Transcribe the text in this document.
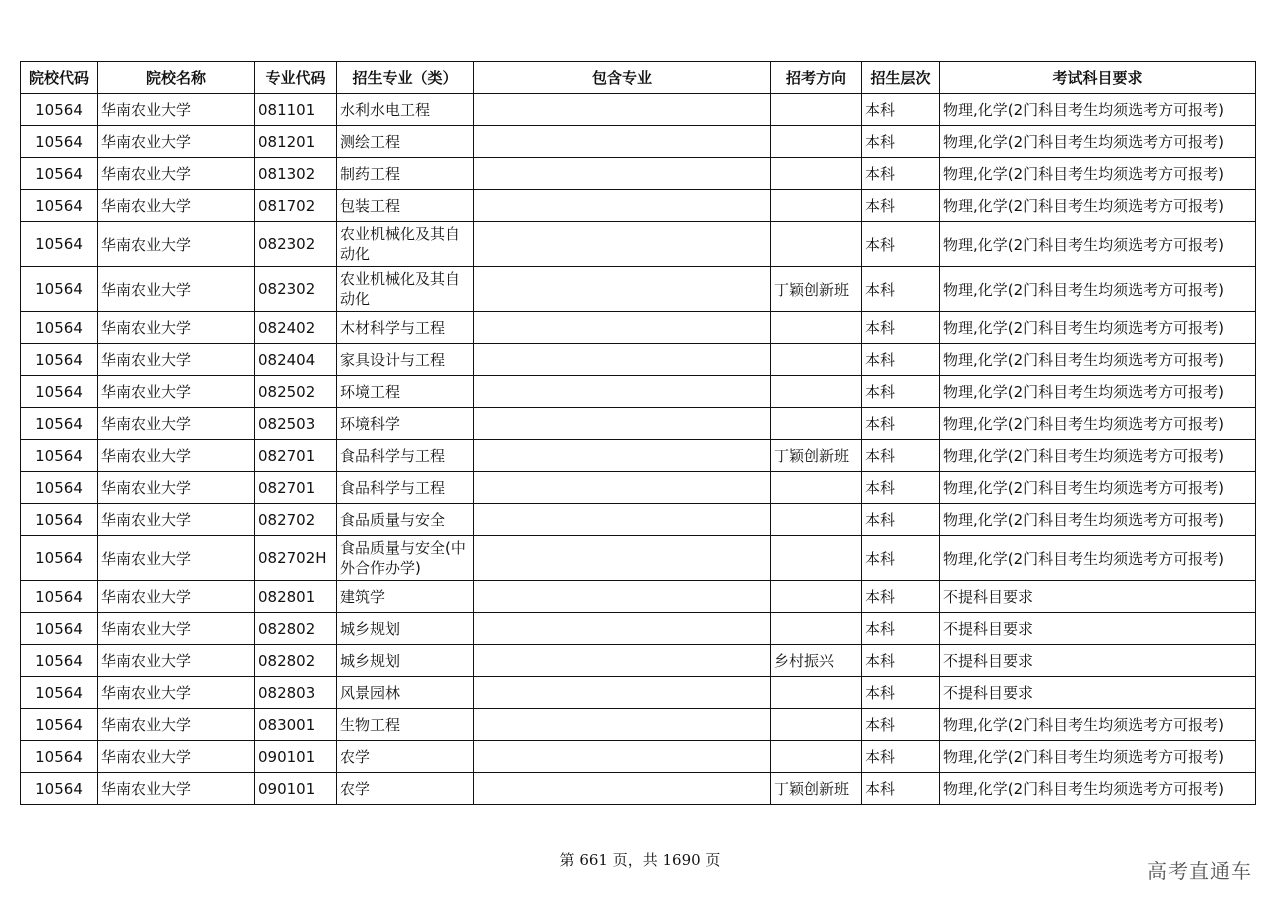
院校代码	院校名称	专业代码	招生专业（类）	包含专业	招考方向	招生层次	考试科目要求
10564	华南农业大学	081101	水利水电工程			本科	物理,化学(2门科目考生均须选考方可报考)
10564	华南农业大学	081201	测绘工程			本科	物理,化学(2门科目考生均须选考方可报考)
10564	华南农业大学	081302	制药工程			本科	物理,化学(2门科目考生均须选考方可报考)
10564	华南农业大学	081702	包装工程			本科	物理,化学(2门科目考生均须选考方可报考)
10564	华南农业大学	082302	农业机械化及其自动化			本科	物理,化学(2门科目考生均须选考方可报考)
10564	华南农业大学	082302	农业机械化及其自动化		丁颖创新班	本科	物理,化学(2门科目考生均须选考方可报考)
10564	华南农业大学	082402	木材科学与工程			本科	物理,化学(2门科目考生均须选考方可报考)
10564	华南农业大学	082404	家具设计与工程			本科	物理,化学(2门科目考生均须选考方可报考)
10564	华南农业大学	082502	环境工程			本科	物理,化学(2门科目考生均须选考方可报考)
10564	华南农业大学	082503	环境科学			本科	物理,化学(2门科目考生均须选考方可报考)
10564	华南农业大学	082701	食品科学与工程		丁颖创新班	本科	物理,化学(2门科目考生均须选考方可报考)
10564	华南农业大学	082701	食品科学与工程			本科	物理,化学(2门科目考生均须选考方可报考)
10564	华南农业大学	082702	食品质量与安全			本科	物理,化学(2门科目考生均须选考方可报考)
10564	华南农业大学	082702H	食品质量与安全(中外合作办学)			本科	物理,化学(2门科目考生均须选考方可报考)
10564	华南农业大学	082801	建筑学			本科	不提科目要求
10564	华南农业大学	082802	城乡规划			本科	不提科目要求
10564	华南农业大学	082802	城乡规划		乡村振兴	本科	不提科目要求
10564	华南农业大学	082803	风景园林			本科	不提科目要求
10564	华南农业大学	083001	生物工程			本科	物理,化学(2门科目考生均须选考方可报考)
10564	华南农业大学	090101	农学			本科	物理,化学(2门科目考生均须选考方可报考)
10564	华南农业大学	090101	农学		丁颖创新班	本科	物理,化学(2门科目考生均须选考方可报考)
第 661 页，共 1690 页	高考直通车
